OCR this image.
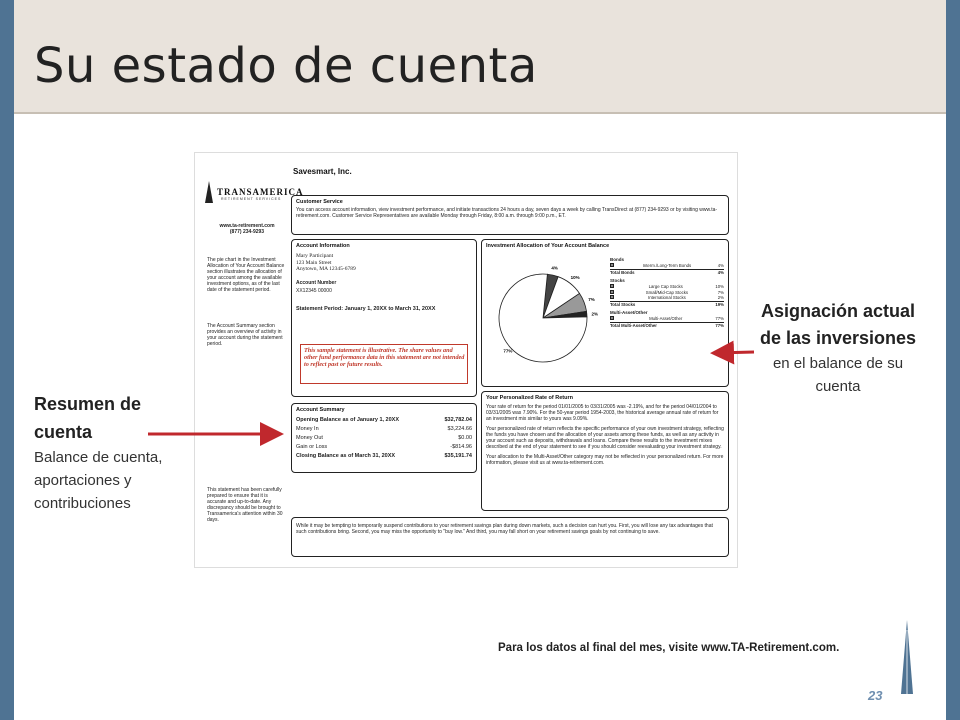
Su estado de cuenta
Savesmart, Inc.
TRANSAMERICA
RETIREMENT SERVICES
www.ta-retirement.com
(877) 234-9293
The pie chart in the Investment Allocation of Your Account Balance section illustrates the allocation of your account among the available investment options, as of the last date of the statement period.
The Account Summary section provides an overview of activity in your account during the statement period.
This statement has been carefully prepared to ensure that it is accurate and up-to-date. Any discrepancy should be brought to Transamerica's attention within 30 days.
Customer Service
You can access account information, view investment performance, and initiate transactions 24 hours a day, seven days a week by calling TransDirect at (877) 234-9293 or by visiting www.ta-retirement.com. Customer Service Representatives are available Monday through Friday, 8:00 a.m. through 9:00 p.m., ET.
Account Information
Mary Participant
123 Main Street
Anytown, MA 12345-6789
Account Number
XX12345 00000
Statement Period: January 1, 20XX to March 31, 20XX
This sample statement is illustrative. The share values and other fund performance data in this statement are not intended to reflect past or future results.
Account Summary
Opening Balance as of January 1, 20XX	$32,782.04
Money In	$3,224.66
Money Out	$0.00
Gain or Loss	-$814.96
Closing Balance as of March 31, 20XX	$35,191.74
Investment Allocation of Your Account Balance
4%
10%
7%
2%
77%
Bonds
Interm./Long-Term Bonds	4%
Total Bonds	4%
Stocks
Large Cap Stocks	10%
Small/Mid-Cap Stocks	7%
International Stocks	2%
Total Stocks	19%
Multi-Asset/Other
Multi-Asset/Other	77%
Total Multi-Asset/Other	77%
Your Personalized Rate of Return
Your rate of return for the period 01/01/2005 to 03/31/2005 was -2.19%, and for the period 04/01/2004 to 03/31/2005 was 7.90%. For the 50-year period 1954-2003, the historical average annual rate of return for an investment mix similar to yours was 9.09%.
Your personalized rate of return reflects the specific performance of your own investment strategy, reflecting the funds you have chosen and the allocation of your assets among these funds, as well as any activity in your account such as deposits, withdrawals and loans. Compare these results to the investment mixes described at the end of your statement to see if you should consider reevaluating your investment strategy.
Your allocation to the Multi-Asset/Other category may not be reflected in your personalized return. For more information, please visit us at www.ta-retirement.com.
While it may be tempting to temporarily suspend contributions to your retirement savings plan during down markets, such a decision can hurt you. First, you will lose any tax advantages that such contributions bring. Second, you may miss the opportunity to "buy low." And third, you may fall short on your retirement savings goals by not continuing to save.
Asignación actual
de las inversiones
en el balance de su
cuenta
Resumen de
cuenta
Balance de cuenta,
aportaciones y
contribuciones
Para los datos al final del mes, visite www.TA-Retirement.com.
23
